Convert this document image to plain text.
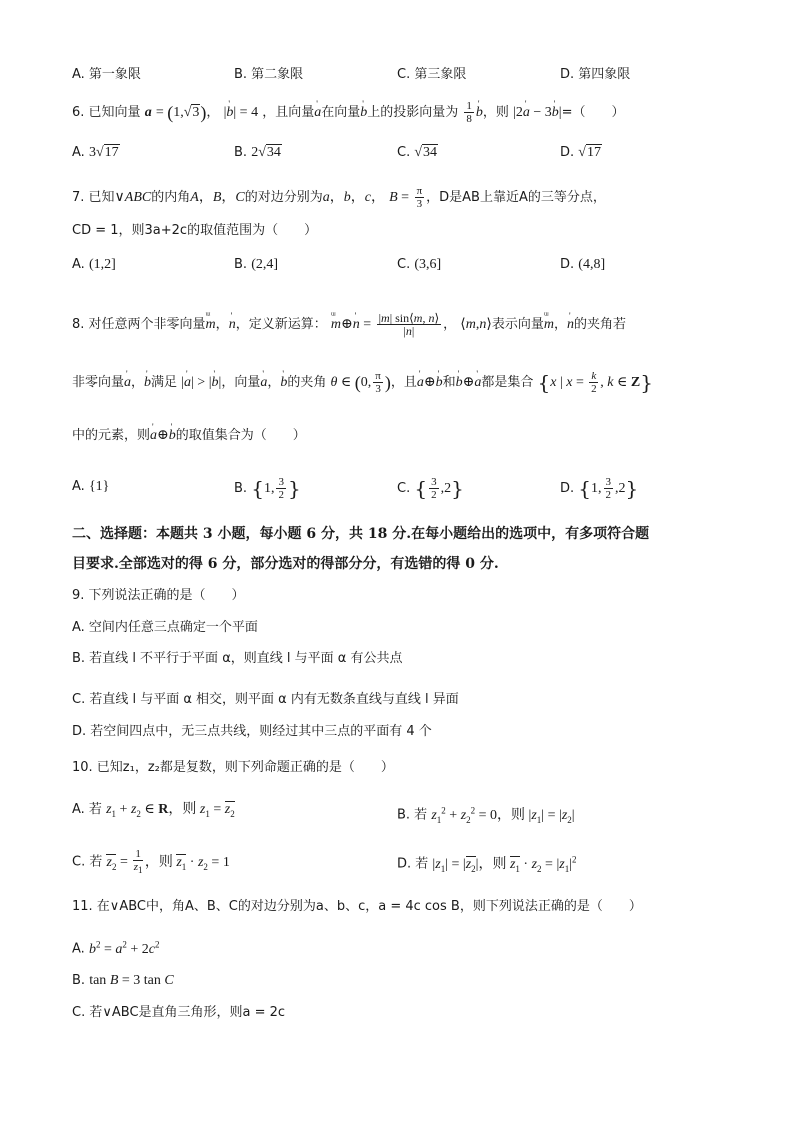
A. 第一象限	B. 第二象限	C. 第三象限	D. 第四象限
6. 已知向量 a = (1,√3)， |' b| = 4 ，且向量' a在向量' b上的投影向量为 $\frac{1}{8}$ ' b，则 |2' a − 3' b|=（　　）
A. 3√17	B. 2√34	C. √34	D. √17
7. 已知∨ABC的内角A，B，C的对边分别为a，b，c， $B = \frac{\pi}{3}$ ，D是AB上靠近A的三等分点，
CD = 1，则3a+2c的取值范围为（　　）
A. (1,2]	B. (2,4]	C. (3,6]	D. (4,8]
8. 对任意两个非零向量ᵚ m，' n，定义新运算： ᵚ m⊕' $n = \frac{|m| \sin⟨m, n⟩}{|n|}$ ， ⟨m,n⟩表示向量ᵚ m，' n的夹角若
非零向量' a，' b满足 |' a| > |' b|，向量' a，' b的夹角 θ ∈ (0, $\frac{\pi}{3}$ )，且' a⊕' b和' b⊕' a都是集合 {x | $x = \frac{k}{2}$ , k ∈ Z}
中的元素，则' a⊕' b的取值集合为（　　）
A. {1}	B. {1, $\frac{3}{2}$ }	C. { $\frac{3}{2} ,2$}	D. {1, $\frac{3}{2} ,2$}
二、选择题：本题共 3 小题，每小题 6 分，共 18 分.在每小题给出的选项中，有多项符合题
目要求.全部选对的得 6 分，部分选对的得部分分，有选错的得 0 分.
9. 下列说法正确的是（　　）
A. 空间内任意三点确定一个平面
B. 若直线 l 不平行于平面 α，则直线 l 与平面 α 有公共点
C. 若直线 l 与平面 α 相交，则平面 α 内有无数条直线与直线 l 异面
D. 若空间四点中，无三点共线，则经过其中三点的平面有 4 个
10. 已知z₁，z₂都是复数，则下列命题正确的是（　　）
A. 若 $z_1 + z_2$ ∈ R，则 $z_1 = z_2$	B. 若 $z_1^2 + z_2^2 = 0$，则 $|z_1| = |z_2|$
C. 若 $z_2 = \frac{1}{z_1}$ ，则 $z_1 \cdot z_2 = 1$	D. 若 $|z_1| = |z_2|$，则 $z_1 \cdot z_2 = |z_1|^2$
11. 在∨ABC中，角A、B、C的对边分别为a、b、c，a = 4c cos B，则下列说法正确的是（　　）
A. $b^2 = a^2 + 2c^2$
B. tan B = 3 tan C
C. 若∨ABC是直角三角形，则a = 2c
